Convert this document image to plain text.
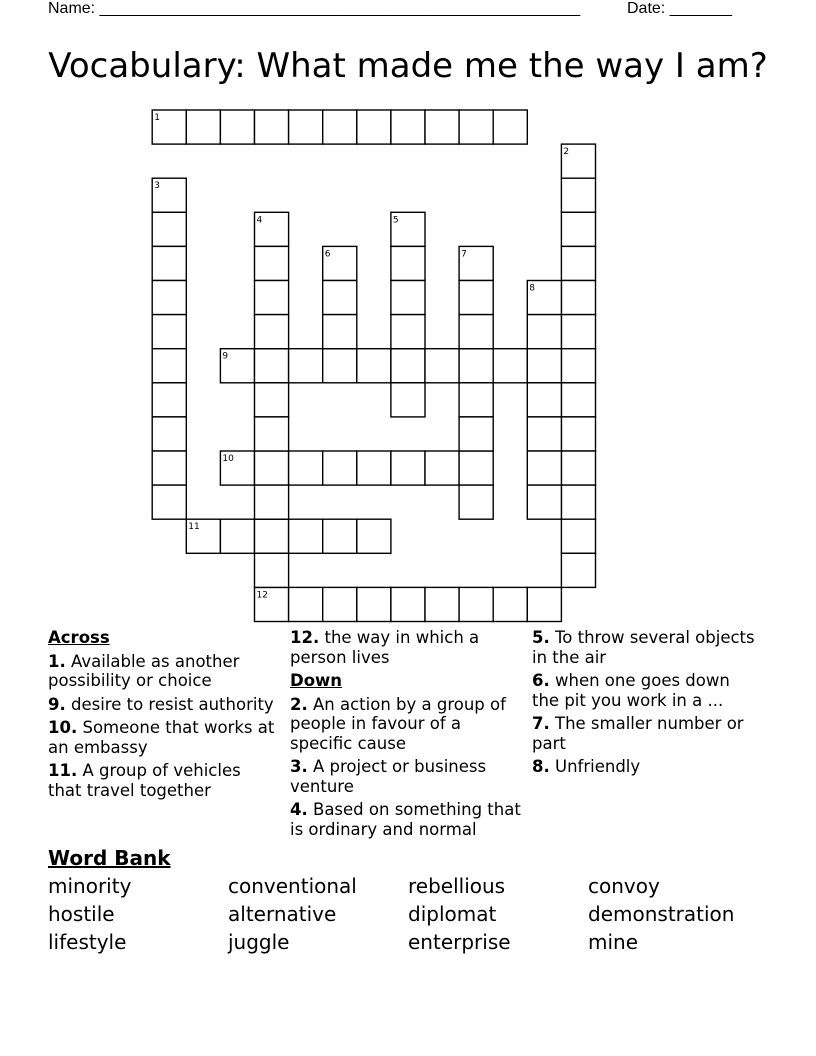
Name: ______________________________________________________	Date: _______
Vocabulary: What made me the way I am?
1
9
10
11
12
2
3
4	5
6	7
8
Across
1. Available as another possibility or choice
9. desire to resist authority
10. Someone that works at an embassy
11. A group of vehicles that travel together
12. the way in which a person lives
Down
2. An action by a group of people in favour of a specific cause
3. A project or business venture
4. Based on something that is ordinary and normal
5. To throw several objects in the air
6. when one goes down the pit you work in a ...
7. The smaller number or part
8. Unfriendly
Word Bank
minority	conventional	rebellious	convoy
hostile	alternative	diplomat	demonstration
lifestyle	juggle	enterprise	mine
